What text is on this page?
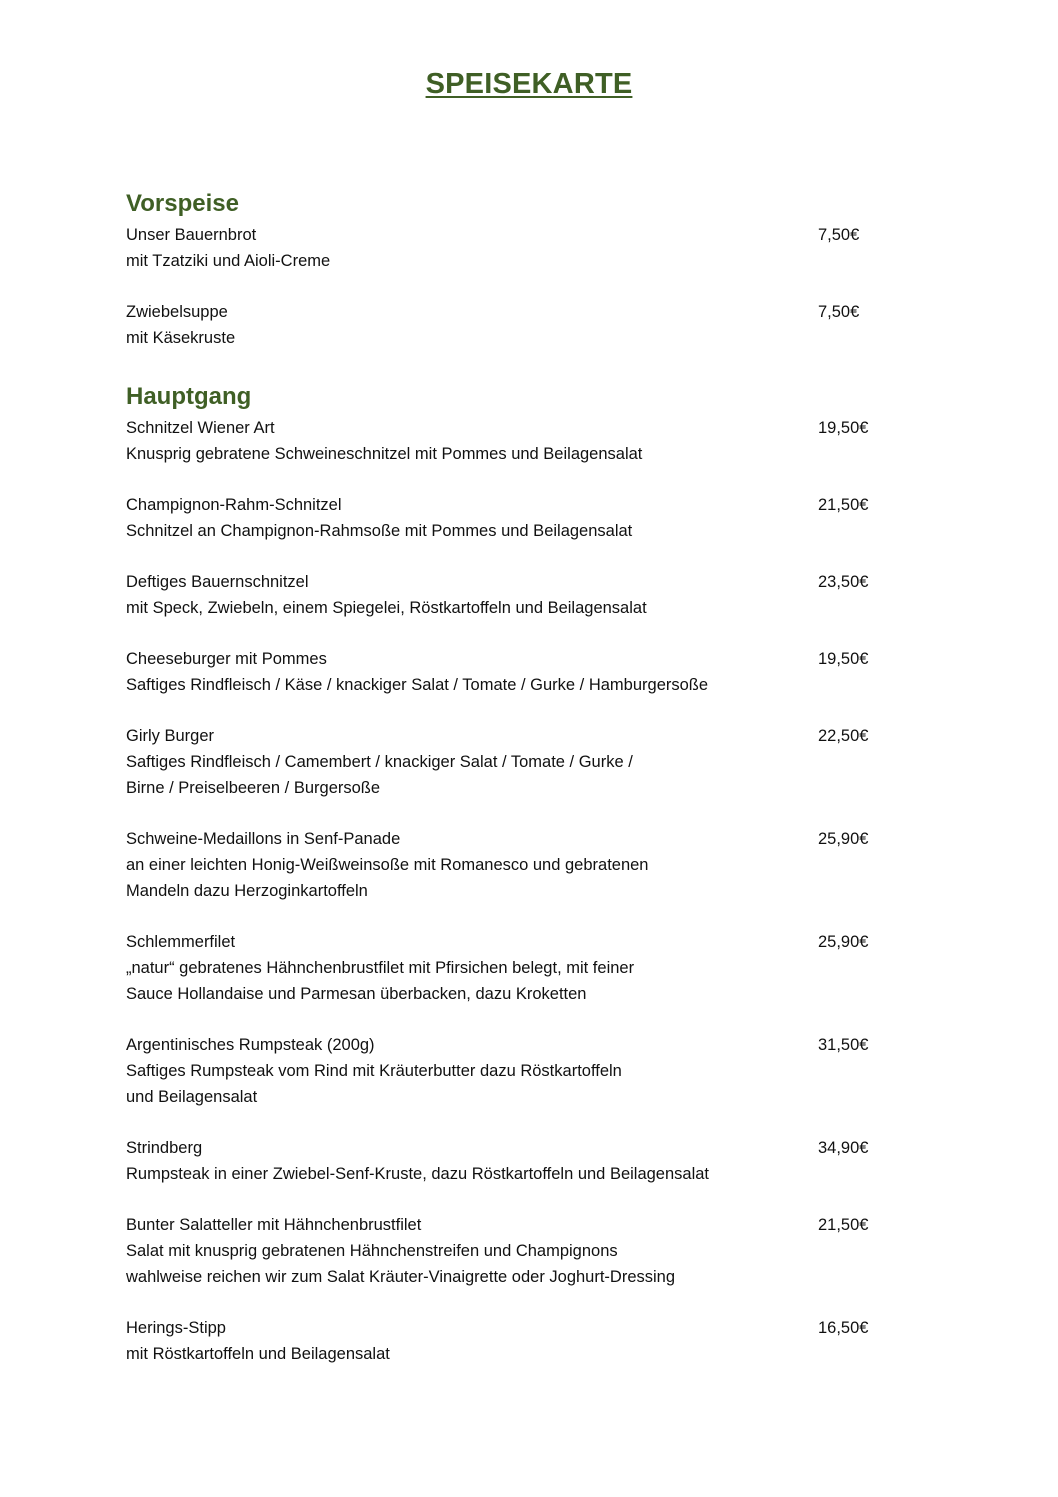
SPEISEKARTE
Vorspeise
Unser Bauernbrot	7,50€
mit Tzatziki und Aioli-Creme
Zwiebelsuppe	7,50€
mit Käsekruste
Hauptgang
Schnitzel Wiener Art	19,50€
Knusprig gebratene Schweineschnitzel mit Pommes und Beilagensalat
Champignon-Rahm-Schnitzel	21,50€
Schnitzel an Champignon-Rahmsoße mit Pommes und Beilagensalat
Deftiges Bauernschnitzel	23,50€
mit Speck, Zwiebeln, einem Spiegelei, Röstkartoffeln und Beilagensalat
Cheeseburger mit Pommes	19,50€
Saftiges Rindfleisch / Käse / knackiger Salat / Tomate / Gurke / Hamburgersoße
Girly Burger	22,50€
Saftiges Rindfleisch / Camembert / knackiger Salat / Tomate / Gurke /
Birne / Preiselbeeren / Burgersoße
Schweine-Medaillons in Senf-Panade	25,90€
an einer leichten Honig-Weißweinsoße mit Romanesco und gebratenen
Mandeln dazu Herzoginkartoffeln
Schlemmerfilet	25,90€
„natur“ gebratenes Hähnchenbrustfilet mit Pfirsichen belegt, mit feiner
Sauce Hollandaise und Parmesan überbacken, dazu Kroketten
Argentinisches Rumpsteak (200g)	31,50€
Saftiges Rumpsteak vom Rind mit Kräuterbutter dazu Röstkartoffeln
und Beilagensalat
Strindberg	34,90€
Rumpsteak in einer Zwiebel-Senf-Kruste, dazu Röstkartoffeln und Beilagensalat
Bunter Salatteller mit Hähnchenbrustfilet	21,50€
Salat mit knusprig gebratenen Hähnchenstreifen und Champignons
wahlweise reichen wir zum Salat Kräuter-Vinaigrette oder Joghurt-Dressing
Herings-Stipp	16,50€
mit Röstkartoffeln und Beilagensalat
